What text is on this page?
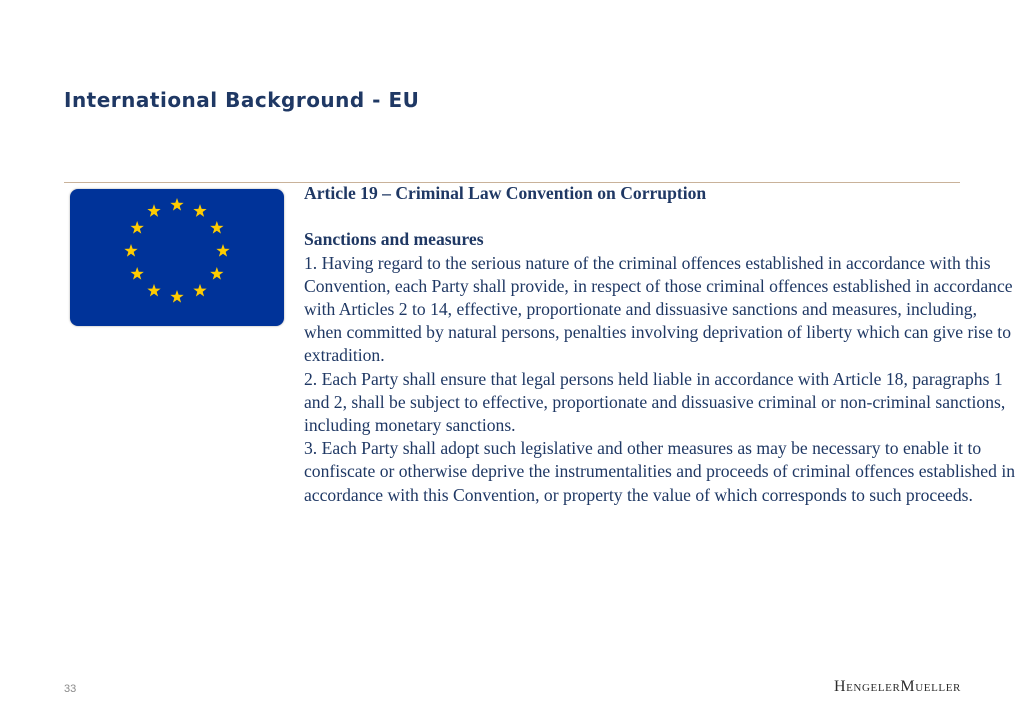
International Background - EU

Article 19 – Criminal Law Convention on Corruption

Sanctions and measures

1. Having regard to the serious nature of the criminal offences established in accordance with this Convention, each Party shall provide, in respect of those criminal offences established in accordance with Articles 2 to 14, effective, proportionate and dissuasive sanctions and measures, including, when committed by natural persons, penalties involving deprivation of liberty which can give rise to extradition.

2. Each Party shall ensure that legal persons held liable in accordance with Article 18, paragraphs 1 and 2, shall be subject to effective, proportionate and dissuasive criminal or non-criminal sanctions, including monetary sanctions.

3. Each Party shall adopt such legislative and other measures as may be necessary to enable it to confiscate or otherwise deprive the instrumentalities and proceeds of criminal offences established in accordance with this Convention, or property the value of which corresponds to such proceeds.

33	HengelerMueller
